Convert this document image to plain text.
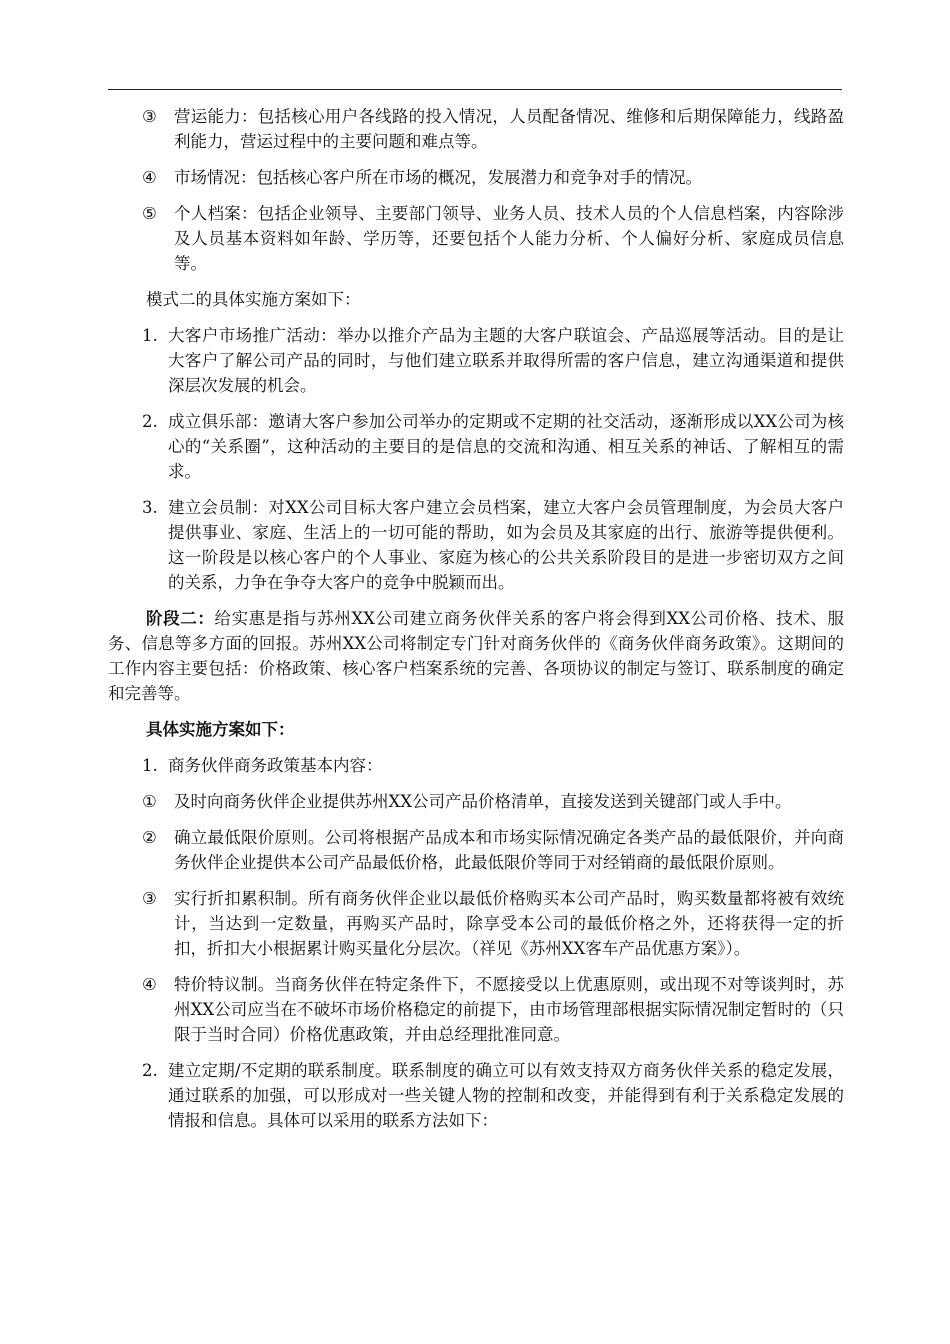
③	营运能力：包括核心用户各线路的投入情况，人员配备情况、维修和后期保障能力，线路盈利能力，营运过程中的主要问题和难点等。
④	市场情况：包括核心客户所在市场的概况，发展潜力和竞争对手的情况。
⑤	个人档案：包括企业领导、主要部门领导、业务人员、技术人员的个人信息档案，内容除涉及人员基本资料如年龄、学历等，还要包括个人能力分析、个人偏好分析、家庭成员信息等。
模式二的具体实施方案如下：
1. 大客户市场推广活动：举办以推介产品为主题的大客户联谊会、产品巡展等活动。目的是让大客户了解公司产品的同时，与他们建立联系并取得所需的客户信息，建立沟通渠道和提供深层次发展的机会。
2. 成立俱乐部：邀请大客户参加公司举办的定期或不定期的社交活动，逐渐形成以XX公司为核心的“关系圈”，这种活动的主要目的是信息的交流和沟通、相互关系的神话、了解相互的需求。
3. 建立会员制：对XX公司目标大客户建立会员档案，建立大客户会员管理制度，为会员大客户提供事业、家庭、生活上的一切可能的帮助，如为会员及其家庭的出行、旅游等提供便利。这一阶段是以核心客户的个人事业、家庭为核心的公共关系阶段目的是进一步密切双方之间的关系，力争在争夺大客户的竞争中脱颖而出。
阶段二：给实惠是指与苏州XX公司建立商务伙伴关系的客户将会得到XX公司价格、技术、服务、信息等多方面的回报。苏州XX公司将制定专门针对商务伙伴的《商务伙伴商务政策》。这期间的工作内容主要包括：价格政策、核心客户档案系统的完善、各项协议的制定与签订、联系制度的确定和完善等。
具体实施方案如下：
1. 商务伙伴商务政策基本内容：
①	及时向商务伙伴企业提供苏州XX公司产品价格清单，直接发送到关键部门或人手中。
②	确立最低限价原则。公司将根据产品成本和市场实际情况确定各类产品的最低限价，并向商务伙伴企业提供本公司产品最低价格，此最低限价等同于对经销商的最低限价原则。
③	实行折扣累积制。所有商务伙伴企业以最低价格购买本公司产品时，购买数量都将被有效统计，当达到一定数量，再购买产品时，除享受本公司的最低价格之外，还将获得一定的折扣，折扣大小根据累计购买量化分层次。（祥见《苏州XX客车产品优惠方案》）。
④	特价特议制。当商务伙伴在特定条件下，不愿接受以上优惠原则，或出现不对等谈判时，苏州XX公司应当在不破坏市场价格稳定的前提下，由市场管理部根据实际情况制定暂时的（只限于当时合同）价格优惠政策，并由总经理批准同意。
2. 建立定期/不定期的联系制度。联系制度的确立可以有效支持双方商务伙伴关系的稳定发展，通过联系的加强，可以形成对一些关键人物的控制和改变，并能得到有利于关系稳定发展的情报和信息。具体可以采用的联系方法如下：
